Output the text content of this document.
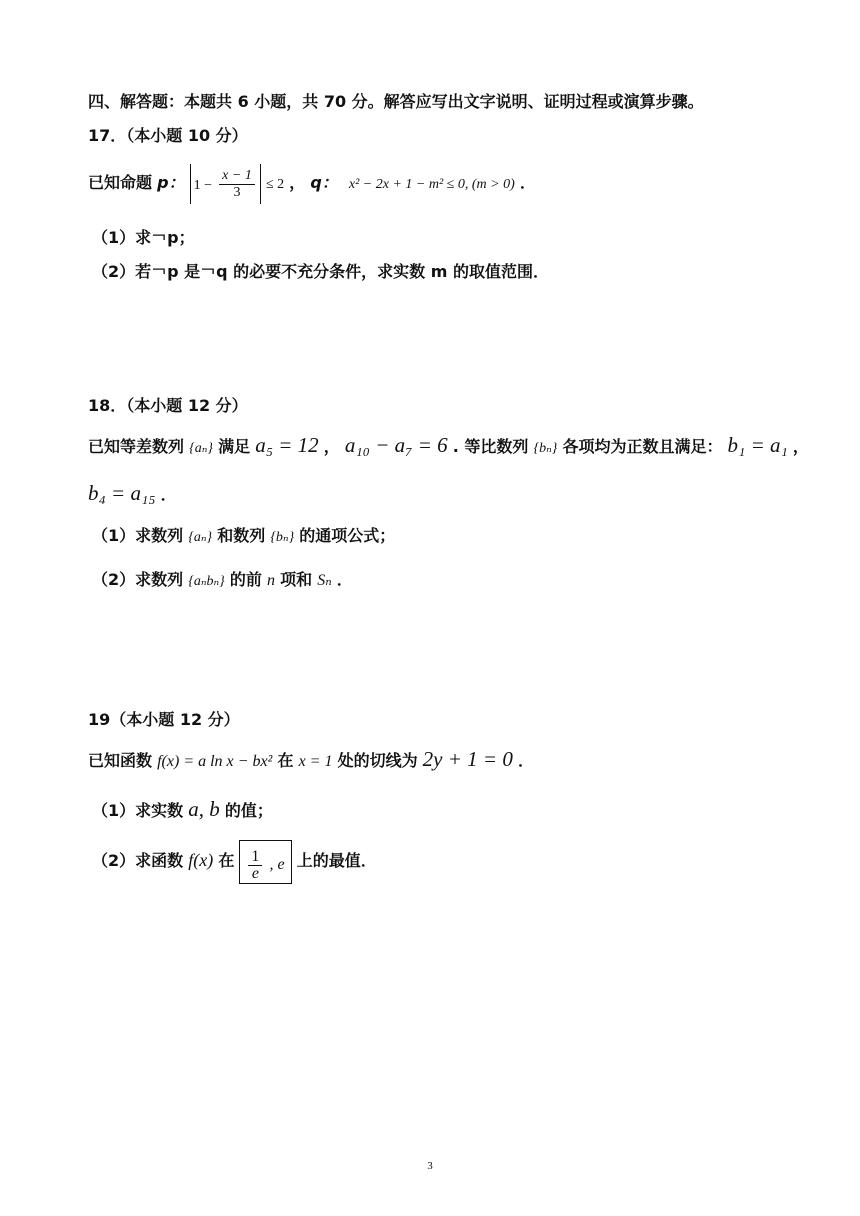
四、解答题：本题共 6 小题，共 70 分。解答应写出文字说明、证明过程或演算步骤。
17．（本小题 10 分）
已知命题 p： $1 - \frac{x - 1}{3} \le 2$ ， q： x² − 2x + 1 − m² ≤ 0, (m > 0) ．
（1）求￢p；
（2）若￢p 是￢q 的必要不充分条件，求实数 m 的取值范围．
18．（本小题 12 分）
已知等差数列 {aₙ} 满足 a₅ = 12 ， a₁₀ − a₇ = 6 . 等比数列 {bₙ} 各项均为正数且满足： b₁ = a₁ ，
b₄ = a₁₅ ．
（1）求数列 {aₙ} 和数列 {bₙ} 的通项公式；
（2）求数列 {aₙbₙ} 的前 n 项和 Sₙ ．
19（本小题 12 分）
已知函数 f(x) = a ln x − bx² 在 x = 1 处的切线为 2y + 1 = 0 ．
（1）求实数 a, b 的值；
（2）求函数 f(x) 在 $\frac{1}{e}$ , e 上的最值．
3
